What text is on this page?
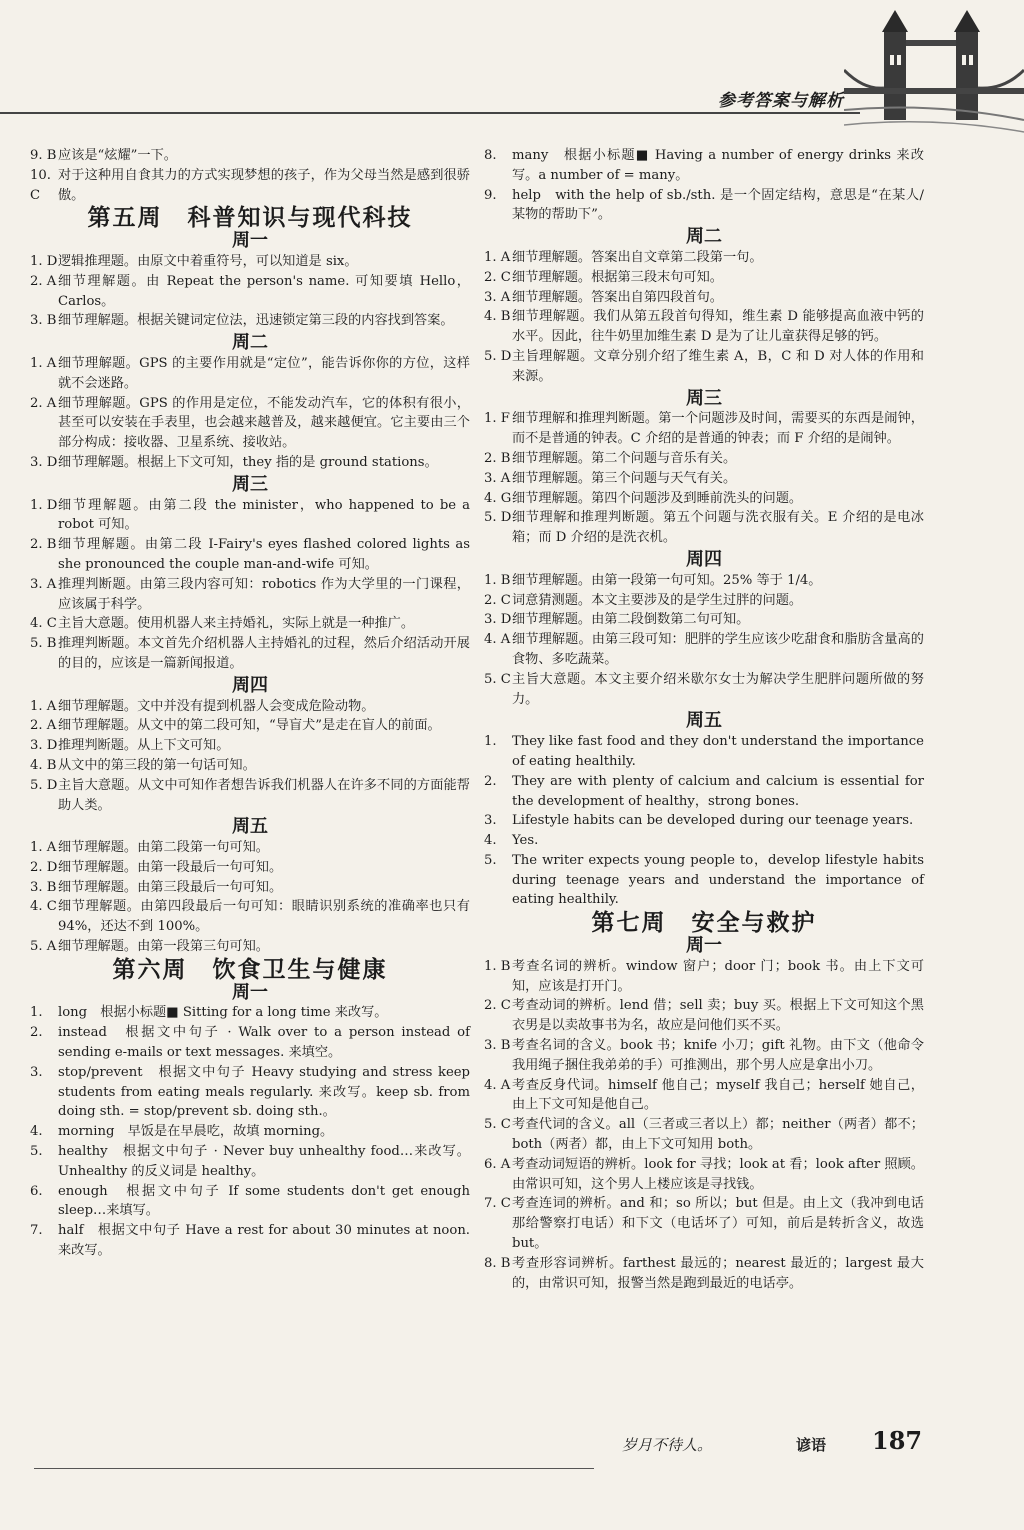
参考答案与解析
9. B 应该是“炫耀”一下。
10. C
对于这种用自食其力的方式实现梦想的孩子，作为父母当然是感到很骄傲。
第五周　科普知识与现代科技
周一
1. D 逻辑推理题。由原文中着重符号，可以知道是 six。
2. A 细节理解题。由 Repeat the person's name. 可知要填 Hello，Carlos。
3. B 细节理解题。根据关键词定位法，迅速锁定第三段的内容找到答案。
周二
1. A 细节理解题。GPS 的主要作用就是“定位”，能告诉你你的方位，这样就不会迷路。
2. A 细节理解题。GPS 的作用是定位，不能发动汽车，它的体积有很小，甚至可以安装在手表里，也会越来越普及，越来越便宜。它主要由三个部分构成：接收器、卫星系统、接收站。
3. D 细节理解题。根据上下文可知，they 指的是 ground stations。
周三
1. D 细节理解题。由第二段 the minister，who happened to be a robot 可知。
2. B 细节理解题。由第二段 I-Fairy's eyes flashed colored lights as she pronounced the couple man-and-wife 可知。
3. A 推理判断题。由第三段内容可知：robotics 作为大学里的一门课程，应该属于科学。
4. C 主旨大意题。使用机器人来主持婚礼，实际上就是一种推广。
5. B 推理判断题。本文首先介绍机器人主持婚礼的过程，然后介绍活动开展的目的，应该是一篇新闻报道。
周四
1. A 细节理解题。文中并没有提到机器人会变成危险动物。
2. A 细节理解题。从文中的第二段可知，“导盲犬”是走在盲人的前面。
3. D 推理判断题。从上下文可知。
4. B 从文中的第三段的第一句话可知。
5. D 主旨大意题。从文中可知作者想告诉我们机器人在许多不同的方面能帮助人类。
周五
1. A 细节理解题。由第二段第一句可知。
2. D 细节理解题。由第一段最后一句可知。
3. B 细节理解题。由第三段最后一句可知。
4. C 细节理解题。由第四段最后一句可知：眼睛识别系统的准确率也只有 94%，还达不到 100%。
5. A 细节理解题。由第一段第三句可知。
第六周　饮食卫生与健康
周一
1.	long　根据小标题■ Sitting for a long time 来改写。
2.	instead　根据文中句子 · Walk over to a person instead of sending e-mails or text messages. 来填空。
3.	stop/prevent　根据文中句子 Heavy studying and stress keep students from eating meals regularly. 来改写。keep sb. from doing sth. = stop/prevent sb. doing sth.。
4.	morning　早饭是在早晨吃，故填 morning。
5.	healthy　根据文中句子 · Never buy unhealthy food…来改写。Unhealthy 的反义词是 healthy。
6.	enough　根据文中句子 If some students don't get enough sleep…来填写。
7.	half　根据文中句子 Have a rest for about 30 minutes at noon. 来改写。
8.	many　根据小标题■ Having a number of energy drinks 来改写。a number of = many。
9.	help　with the help of sb./sth. 是一个固定结构，意思是“在某人/某物的帮助下”。
周二
1. A 细节理解题。答案出自文章第二段第一句。
2. C 细节理解题。根据第三段末句可知。
3. A 细节理解题。答案出自第四段首句。
4. B 细节理解题。我们从第五段首句得知，维生素 D 能够提高血液中钙的水平。因此，往牛奶里加维生素 D 是为了让儿童获得足够的钙。
5. D 主旨理解题。文章分别介绍了维生素 A，B，C 和 D 对人体的作用和来源。
周三
1. F 细节理解和推理判断题。第一个问题涉及时间，需要买的东西是闹钟，而不是普通的钟表。C 介绍的是普通的钟表；而 F 介绍的是闹钟。
2. B 细节理解题。第二个问题与音乐有关。
3. A 细节理解题。第三个问题与天气有关。
4. G 细节理解题。第四个问题涉及到睡前洗头的问题。
5. D 细节理解和推理判断题。第五个问题与洗衣服有关。E 介绍的是电冰箱；而 D 介绍的是洗衣机。
周四
1. B 细节理解题。由第一段第一句可知。25% 等于 1/4。
2. C 词意猜测题。本文主要涉及的是学生过胖的问题。
3. D 细节理解题。由第二段倒数第二句可知。
4. A 细节理解题。由第三段可知：肥胖的学生应该少吃甜食和脂肪含量高的食物、多吃蔬菜。
5. C 主旨大意题。本文主要介绍米歇尔女士为解决学生肥胖问题所做的努力。
周五
1.	They like fast food and they don't understand the importance of eating healthily.
2.	They are with plenty of calcium and calcium is essential for the development of healthy，strong bones.
3.	Lifestyle habits can be developed during our teenage years.
4.	Yes.
5.	The writer expects young people to，develop lifestyle habits during teenage years and understand the importance of eating healthily.
第七周　安全与救护
周一
1. B 考查名词的辨析。window 窗户；door 门；book 书。由上下文可知，应该是打开门。
2. C 考查动词的辨析。lend 借；sell 卖；buy 买。根据上下文可知这个黑衣男是以卖故事书为名，故应是问他们买不买。
3. B 考查名词的含义。book 书；knife 小刀；gift 礼物。由下文（他命令我用绳子捆住我弟弟的手）可推测出，那个男人应是拿出小刀。
4. A 考查反身代词。himself 他自己；myself 我自己；herself 她自己，由上下文可知是他自己。
5. C 考查代词的含义。all（三者或三者以上）都；neither（两者）都不；both（两者）都，由上下文可知用 both。
6. A 考查动词短语的辨析。look for 寻找；look at 看；look after 照顾。由常识可知，这个男人上楼应该是寻找钱。
7. C 考查连词的辨析。and 和；so 所以；but 但是。由上文（我冲到电话那给警察打电话）和下文（电话坏了）可知，前后是转折含义，故选 but。
8. B 考查形容词辨析。farthest 最远的；nearest 最近的；largest 最大的，由常识可知，报警当然是跑到最近的电话亭。
岁月不待人。	谚语 187
